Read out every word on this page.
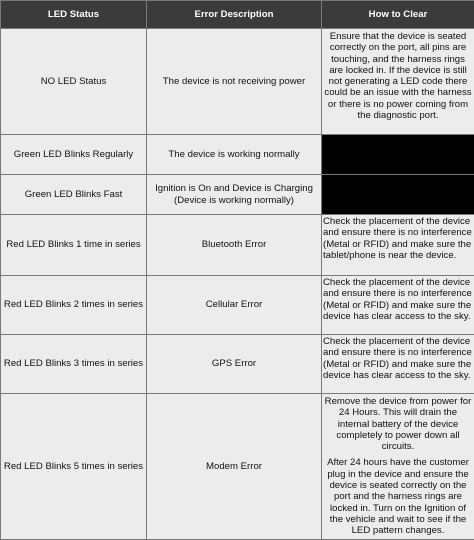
LED Status	Error Description	How to Clear
NO LED Status	The device is not receiving power	Ensure that the device is seated correctly on the port, all pins are touching, and the harness rings are locked in. If the device is still not generating a LED code there could be an issue with the harness or there is no power coming from the diagnostic port.

Green LED Blinks Regularly	The device is working normally	
Green LED Blinks Fast	Ignition is On and Device is Charging (Device is working normally)	
Red LED Blinks 1 time in series	Bluetooth Error	Check the placement of the device and ensure there is no interference (Metal or RFID) and make sure the tablet/phone is near the device.

Red LED Blinks 2 times in series	Cellular Error	Check the placement of the device and ensure there is no interference (Metal or RFID) and make sure the device has clear access to the sky.

Red LED Blinks 3 times in series	GPS Error	Check the placement of the device and ensure there is no interference (Metal or RFID) and make sure the device has clear access to the sky.

Red LED Blinks 5 times in series	Modem Error	Remove the device from power for 24 Hours. This will drain the internal battery of the device completely to power down all circuits.

After 24 hours have the customer plug in the device and ensure the device is seated correctly on the port and the harness rings are locked in. Turn on the Ignition of the vehicle and wait to see if the LED pattern changes.
